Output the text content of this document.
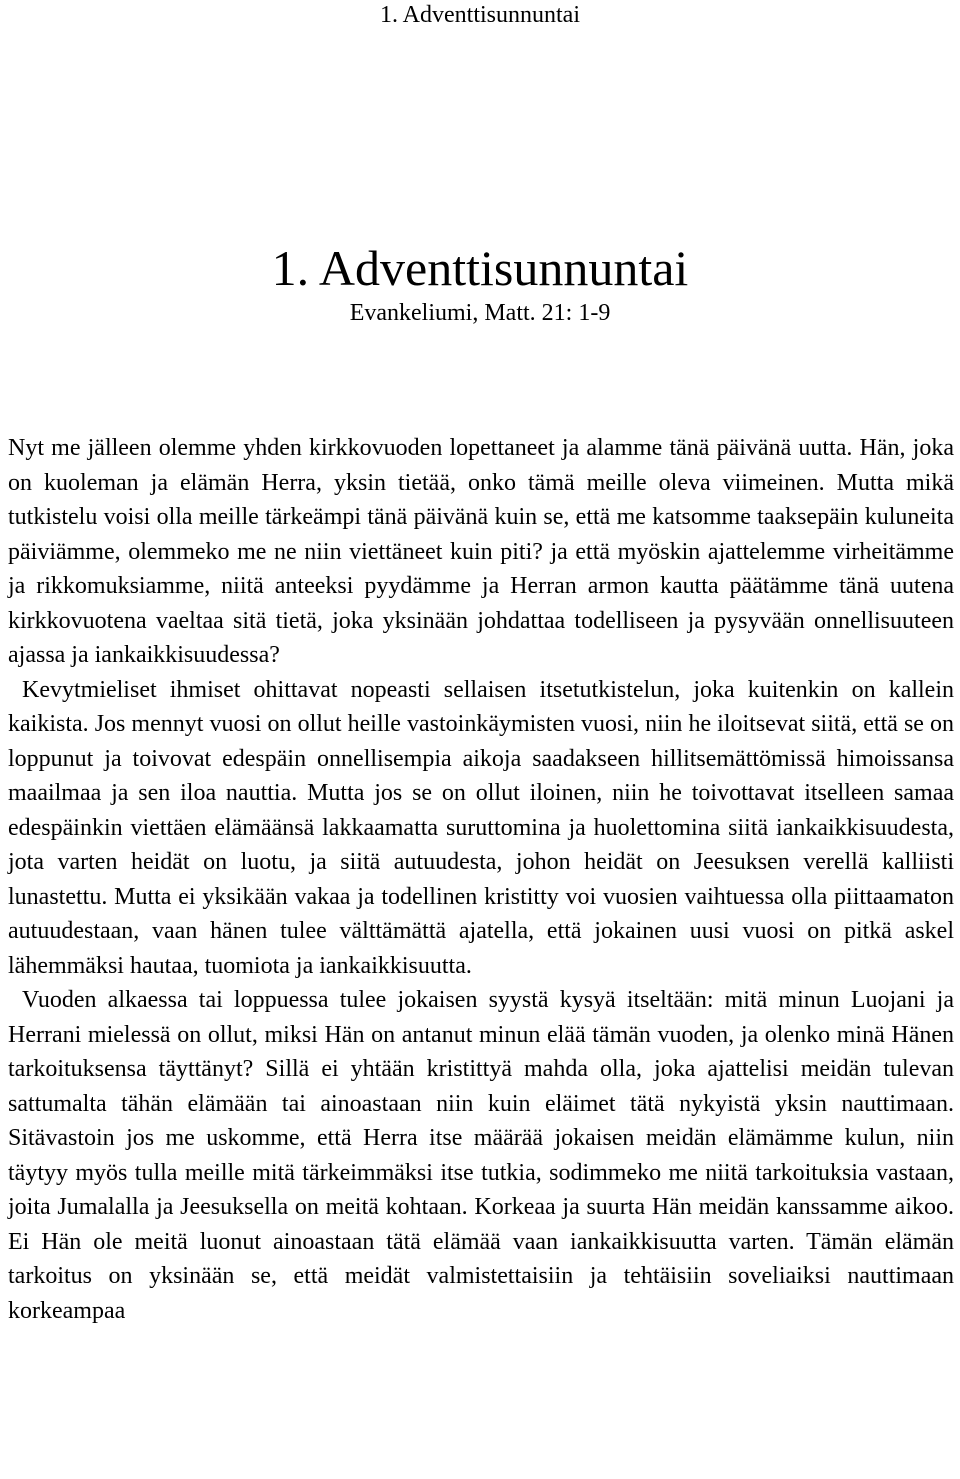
1. Adventtisunnuntai
1. Adventtisunnuntai
Evankeliumi, Matt. 21: 1-9

Nyt me jälleen olemme yhden kirkkovuoden lopettaneet ja alamme tänä päivänä uutta. Hän, joka on kuoleman ja elämän Herra, yksin tietää, onko tämä meille oleva viimeinen. Mutta mikä tutkistelu voisi olla meille tärkeämpi tänä päivänä kuin se, että me katsomme taaksepäin kuluneita päiviämme, olemmeko me ne niin viettäneet kuin piti? ja että myöskin ajattelemme virheitämme ja rikkomuksiamme, niitä anteeksi pyydämme ja Herran armon kautta päätämme tänä uutena kirkkovuotena vaeltaa sitä tietä, joka yksinään johdattaa todelliseen ja pysyvään onnellisuuteen ajassa ja iankaikkisuudessa?

Kevytmieliset ihmiset ohittavat nopeasti sellaisen itsetutkistelun, joka kuitenkin on kallein kaikista. Jos mennyt vuosi on ollut heille vastoinkäymisten vuosi, niin he iloitsevat siitä, että se on loppunut ja toivovat edespäin onnellisempia aikoja saadakseen hillitsemättömissä himoissansa maailmaa ja sen iloa nauttia. Mutta jos se on ollut iloinen, niin he toivottavat itselleen samaa edespäinkin viettäen elämäänsä lakkaamatta suruttomina ja huolettomina siitä iankaikkisuudesta, jota varten heidät on luotu, ja siitä autuudesta, johon heidät on Jeesuksen verellä kalliisti lunastettu. Mutta ei yksikään vakaa ja todellinen kristitty voi vuosien vaihtuessa olla piittaamaton autuudestaan, vaan hänen tulee välttämättä ajatella, että jokainen uusi vuosi on pitkä askel lähemmäksi hautaa, tuomiota ja iankaikkisuutta.

Vuoden alkaessa tai loppuessa tulee jokaisen syystä kysyä itseltään: mitä minun Luojani ja Herrani mielessä on ollut, miksi Hän on antanut minun elää tämän vuoden, ja olenko minä Hänen tarkoituksensa täyttänyt? Sillä ei yhtään kristittyä mahda olla, joka ajattelisi meidän tulevan sattumalta tähän elämään tai ainoastaan niin kuin eläimet tätä nykyistä yksin nauttimaan. Sitävastoin jos me uskomme, että Herra itse määrää jokaisen meidän elämämme kulun, niin täytyy myös tulla meille mitä tärkeimmäksi itse tutkia, sodimmeko me niitä tarkoituksia vastaan, joita Jumalalla ja Jeesuksella on meitä kohtaan. Korkeaa ja suurta Hän meidän kanssamme aikoo. Ei Hän ole meitä luonut ainoastaan tätä elämää vaan iankaikkisuutta varten. Tämän elämän tarkoitus on yksinään se, että meidät valmistettaisiin ja tehtäisiin soveliaiksi nauttimaan korkeampaa
